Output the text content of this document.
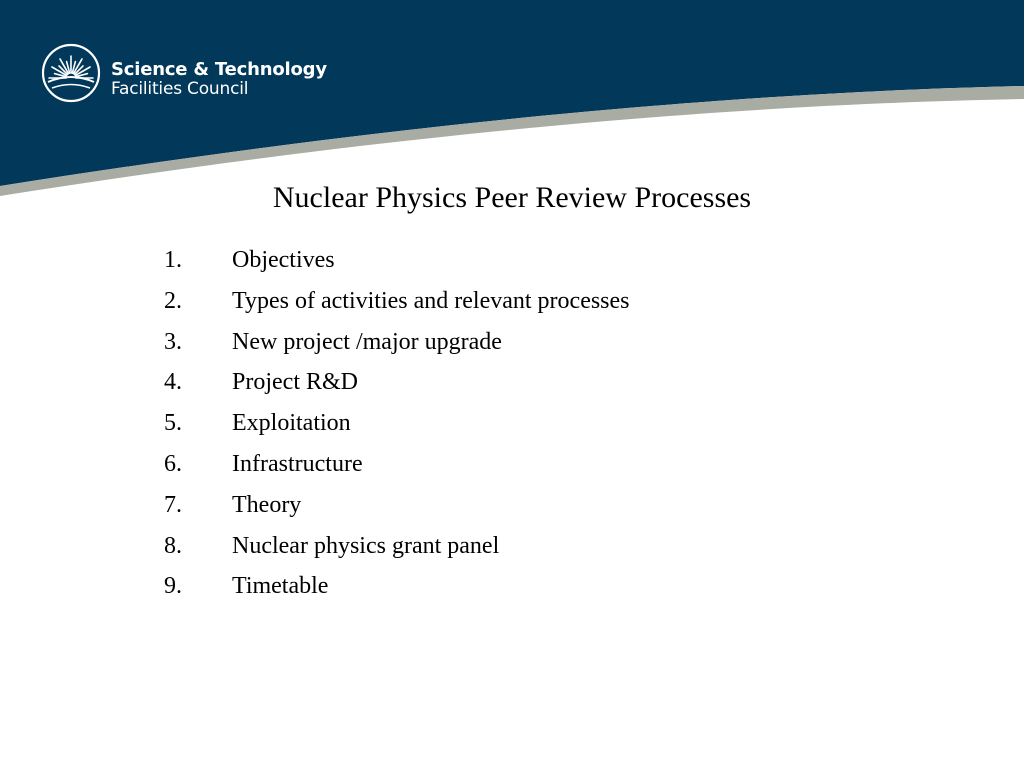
Science & Technology
Facilities Council
Nuclear Physics Peer Review Processes
1. Objectives
2. Types of activities and relevant processes
3. New project /major upgrade
4. Project R&D
5. Exploitation
6. Infrastructure
7. Theory
8. Nuclear physics grant panel
9. Timetable
